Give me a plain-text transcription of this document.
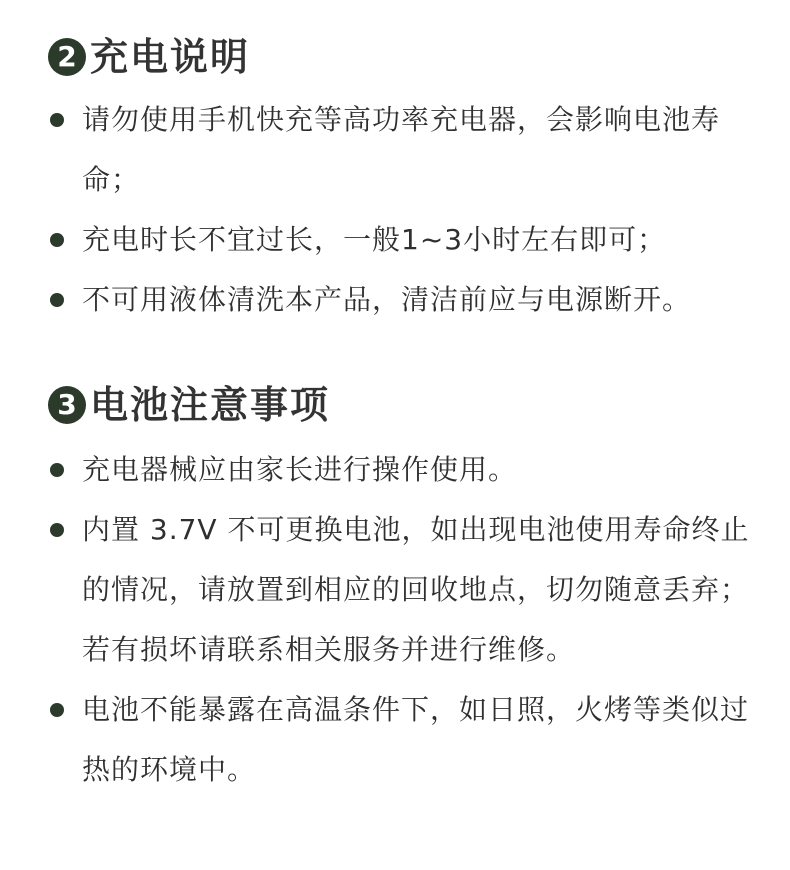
2 充电说明
请勿使用手机快充等高功率充电器，会影响电池寿命；
充电时长不宜过长，一般1~3小时左右即可；
不可用液体清洗本产品，清洁前应与电源断开。
3 电池注意事项
充电器械应由家长进行操作使用。
内置 3.7V 不可更换电池，如出现电池使用寿命终止的情况，请放置到相应的回收地点，切勿随意丢弃；若有损坏请联系相关服务并进行维修。
电池不能暴露在高温条件下，如日照，火烤等类似过热的环境中。
